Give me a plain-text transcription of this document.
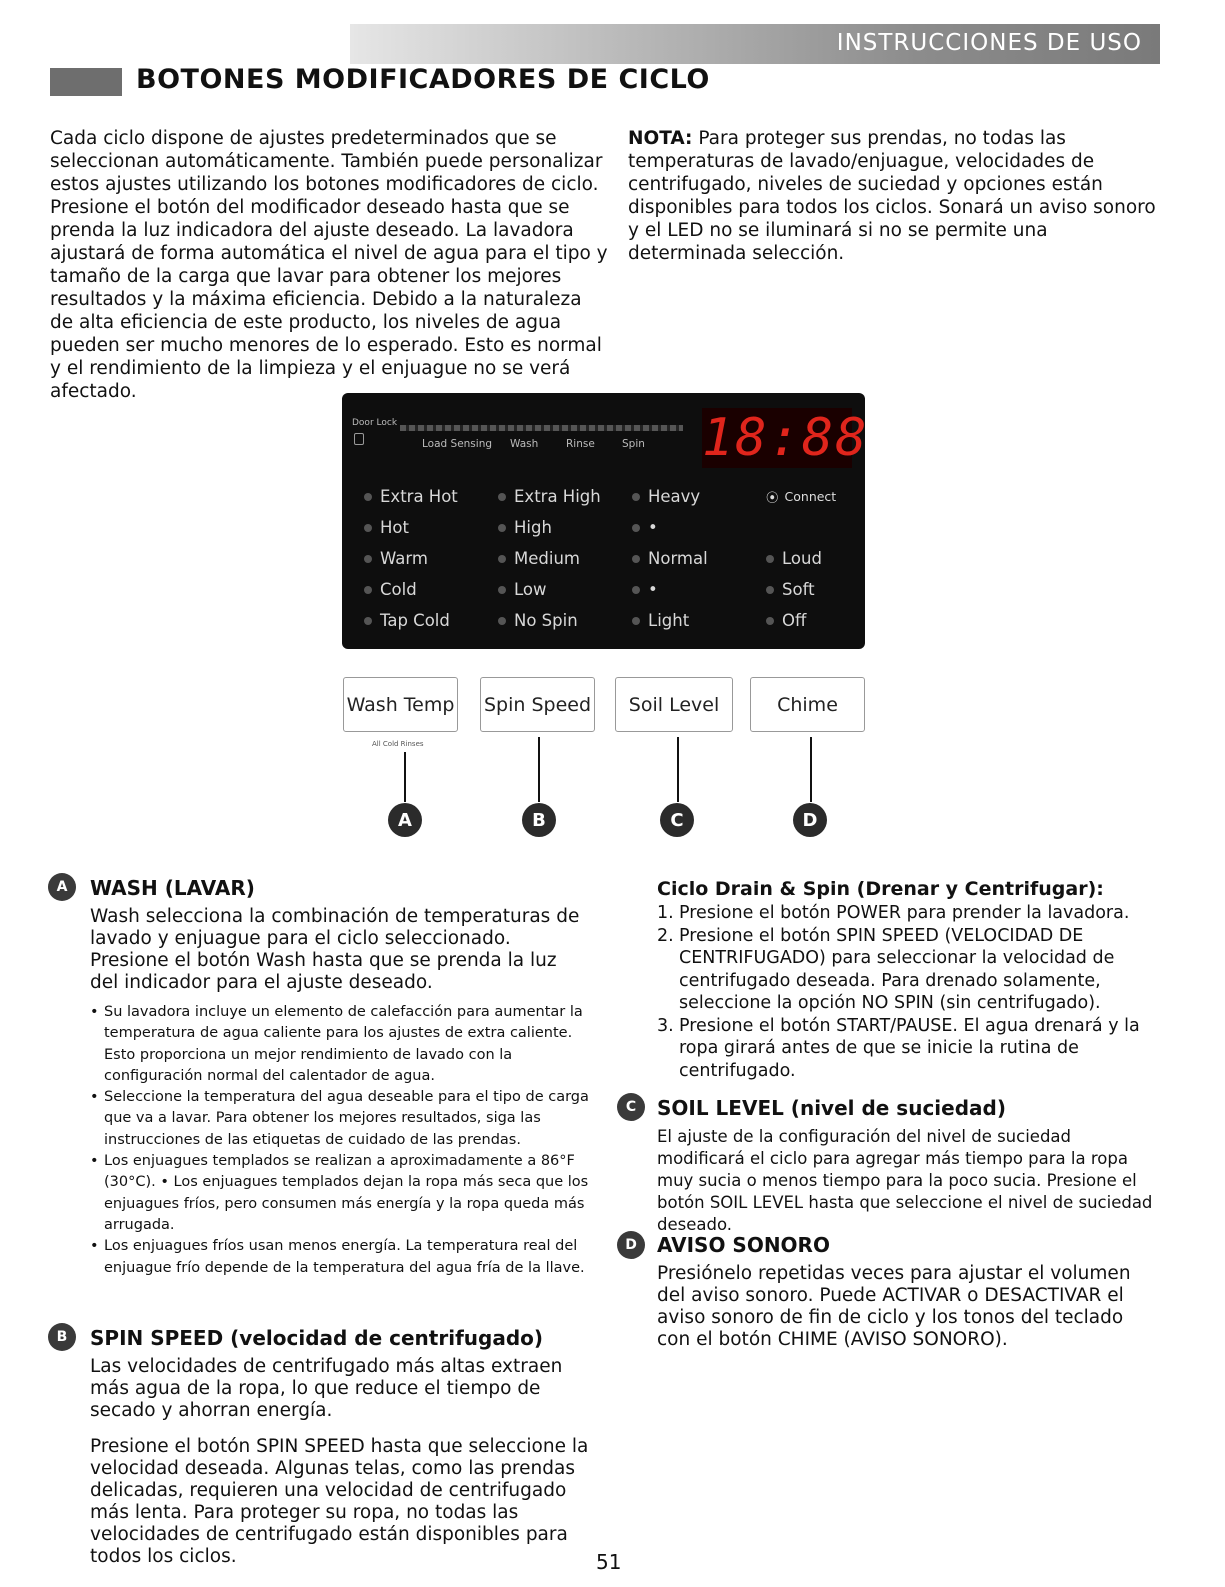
INSTRUCCIONES DE USO
BOTONES MODIFICADORES DE CICLO

Cada ciclo dispone de ajustes predeterminados que se seleccionan automáticamente. También puede personalizar estos ajustes utilizando los botones modificadores de ciclo. Presione el botón del modificador deseado hasta que se prenda la luz indicadora del ajuste deseado. La lavadora ajustará de forma automática el nivel de agua para el tipo y tamaño de la carga que lavar para obtener los mejores resultados y la máxima eficiencia. Debido a la naturaleza de alta eficiencia de este producto, los niveles de agua pueden ser mucho menores de lo esperado. Esto es normal y el rendimiento de la limpieza y el enjuague no se verá afectado.

NOTA: Para proteger sus prendas, no todas las temperaturas de lavado/enjuague, velocidades de centrifugado, niveles de suciedad y opciones están disponibles para todos los ciclos. Sonará un aviso sonoro y el LED no se iluminará si no se permite una determinada selección.

Door Lock
Load Sensing Wash	Rinse	Spin 18:88
Extra Hot
Hot
Warm
Cold
Tap Cold
Extra High
High
Medium
Low
No Spin
Heavy
•
Normal
•
Light
⦿ Connect
Loud
Soft
Off
Wash Temp Spin Speed	Soil Level	Chime
All Cold Rinses
A	B	C	D
A	WASH (LAVAR)

Wash selecciona la combinación de temperaturas de lavado y enjuague para el ciclo seleccionado. Presione el botón Wash hasta que se prenda la luz del indicador para el ajuste deseado.

• Su lavadora incluye un elemento de calefacción para aumentar la temperatura de agua caliente para los ajustes de extra caliente. Esto proporciona un mejor rendimiento de lavado con la configuración normal del calentador de agua.
• Seleccione la temperatura del agua deseable para el tipo de carga que va a lavar. Para obtener los mejores resultados, siga las instrucciones de las etiquetas de cuidado de las prendas.
• Los enjuagues templados se realizan a aproximadamente a 86°F (30°C). • Los enjuagues templados dejan la ropa más seca que los enjuagues fríos, pero consumen más energía y la ropa queda más arrugada.
• Los enjuagues fríos usan menos energía. La temperatura real del enjuague frío depende de la temperatura del agua fría de la llave.
B	SPIN SPEED (velocidad de centrifugado)

Las velocidades de centrifugado más altas extraen más agua de la ropa, lo que reduce el tiempo de secado y ahorran energía.

Presione el botón SPIN SPEED hasta que seleccione la velocidad deseada. Algunas telas, como las prendas delicadas, requieren una velocidad de centrifugado más lenta. Para proteger su ropa, no todas las velocidades de centrifugado están disponibles para todos los ciclos.

Ciclo Drain & Spin (Drenar y Centrifugar):
1. Presione el botón POWER para prender la lavadora.
2. Presione el botón SPIN SPEED (VELOCIDAD DE CENTRIFUGADO) para seleccionar la velocidad de centrifugado deseada. Para drenado solamente, seleccione la opción NO SPIN (sin centrifugado).
3. Presione el botón START/PAUSE. El agua drenará y la ropa girará antes de que se inicie la rutina de centrifugado.
C	SOIL LEVEL (nivel de suciedad)

El ajuste de la configuración del nivel de suciedad modificará el ciclo para agregar más tiempo para la ropa muy sucia o menos tiempo para la poco sucia. Presione el botón SOIL LEVEL hasta que seleccione el nivel de suciedad deseado.

D	AVISO SONORO

Presiónelo repetidas veces para ajustar el volumen del aviso sonoro. Puede ACTIVAR o DESACTIVAR el aviso sonoro de fin de ciclo y los tonos del teclado con el botón CHIME (AVISO SONORO).

51
